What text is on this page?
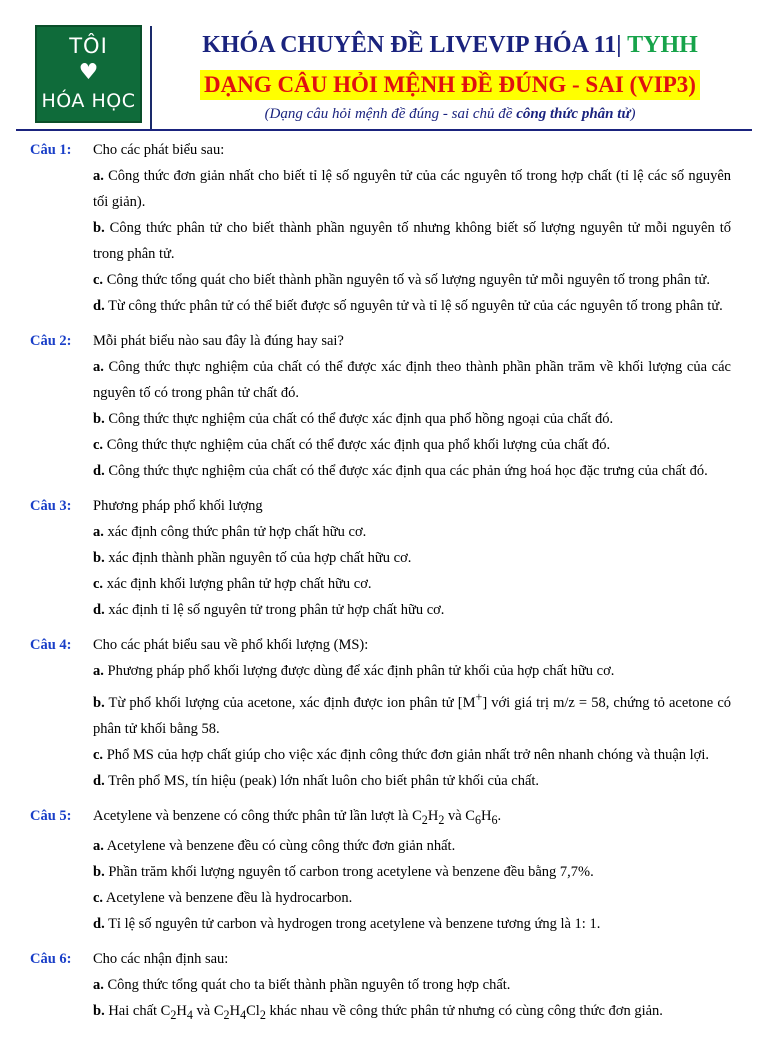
TÔI
♥
HÓA HỌC
KHÓA CHUYÊN ĐỀ LIVEVIP HÓA 11| TYHH
DẠNG CÂU HỎI MỆNH ĐỀ ĐÚNG - SAI (VIP3)
(Dạng câu hỏi mệnh đề đúng - sai chủ đề công thức phân tử)
Câu 1: Cho các phát biểu sau:
a. Công thức đơn giản nhất cho biết tỉ lệ số nguyên tử của các nguyên tố trong hợp chất (tỉ lệ các số nguyên tối giản).
b. Công thức phân tử cho biết thành phần nguyên tố nhưng không biết số lượng nguyên tử mỗi nguyên tố trong phân tử.
c. Công thức tổng quát cho biết thành phần nguyên tố và số lượng nguyên tử mỗi nguyên tố trong phân tử.
d. Từ công thức phân tử có thể biết được số nguyên tử và tỉ lệ số nguyên tử của các nguyên tố trong phân tử.
Câu 2: Mỗi phát biểu nào sau đây là đúng hay sai?
a. Công thức thực nghiệm của chất có thể được xác định theo thành phần phần trăm về khối lượng của các nguyên tố có trong phân tử chất đó.
b. Công thức thực nghiệm của chất có thể được xác định qua phổ hồng ngoại của chất đó.
c. Công thức thực nghiệm của chất có thể được xác định qua phổ khối lượng của chất đó.
d. Công thức thực nghiệm của chất có thể được xác định qua các phản ứng hoá học đặc trưng của chất đó.
Câu 3: Phương pháp phổ khối lượng
a. xác định công thức phân tử hợp chất hữu cơ.
b. xác định thành phần nguyên tố của hợp chất hữu cơ.
c. xác định khối lượng phân tử hợp chất hữu cơ.
d. xác định tỉ lệ số nguyên tử trong phân tử hợp chất hữu cơ.
Câu 4: Cho các phát biểu sau về phổ khối lượng (MS):
a. Phương pháp phổ khối lượng được dùng để xác định phân tử khối của hợp chất hữu cơ.
b. Từ phổ khối lượng của acetone, xác định được ion phân tử [M+] với giá trị m/z = 58, chứng tỏ acetone có phân tử khối bằng 58.
c. Phổ MS của hợp chất giúp cho việc xác định công thức đơn giản nhất trở nên nhanh chóng và thuận lợi.
d. Trên phổ MS, tín hiệu (peak) lớn nhất luôn cho biết phân tử khối của chất.
Câu 5: Acetylene và benzene có công thức phân tử lần lượt là $C_2H_2$ và $C_6H_6$.
a. Acetylene và benzene đều có cùng công thức đơn giản nhất.
b. Phần trăm khối lượng nguyên tố carbon trong acetylene và benzene đều bằng 7,7%.
c. Acetylene và benzene đều là hydrocarbon.
d. Tỉ lệ số nguyên tử carbon và hydrogen trong acetylene và benzene tương ứng là 1: 1.
Câu 6: Cho các nhận định sau:
a. Công thức tổng quát cho ta biết thành phần nguyên tố trong hợp chất.
b. Hai chất $C_2H_4$ và $C_2H_4Cl_2$ khác nhau về công thức phân tử nhưng có cùng công thức đơn giản.
